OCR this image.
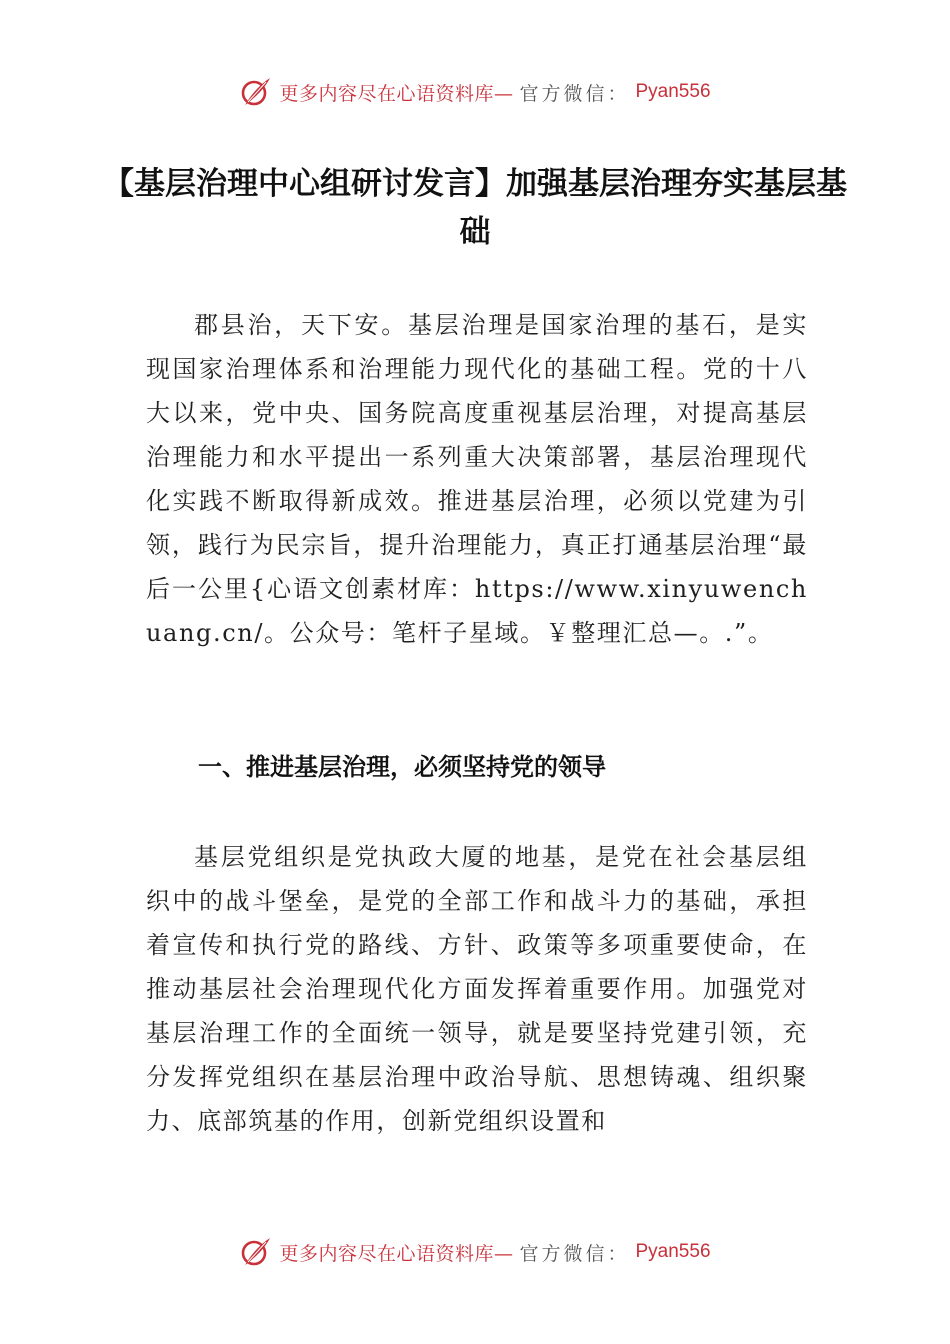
更多内容尽在心语资料库— 官方微信： Pyan556
【基层治理中心组研讨发言】加强基层治理夯实基层基础

郡县治，天下安。基层治理是国家治理的基石，是实现国家治理体系和治理能力现代化的基础工程。党的十八大以来，党中央、国务院高度重视基层治理，对提高基层治理能力和水平提出一系列重大决策部署，基层治理现代化实践不断取得新成效。推进基层治理，必须以党建为引领，践行为民宗旨，提升治理能力，真正打通基层治理“最后一公里{心语文创素材库：https://www.xinyuwenchuang.cn/。公众号：笔杆子星域。￥整理汇总—。.”。

一、推进基层治理，必须坚持党的领导

基层党组织是党执政大厦的地基，是党在社会基层组织中的战斗堡垒，是党的全部工作和战斗力的基础，承担着宣传和执行党的路线、方针、政策等多项重要使命，在推动基层社会治理现代化方面发挥着重要作用。加强党对基层治理工作的全面统一领导，就是要坚持党建引领，充分发挥党组织在基层治理中政治导航、思想铸魂、组织聚力、底部筑基的作用，创新党组织设置和

更多内容尽在心语资料库— 官方微信： Pyan556
